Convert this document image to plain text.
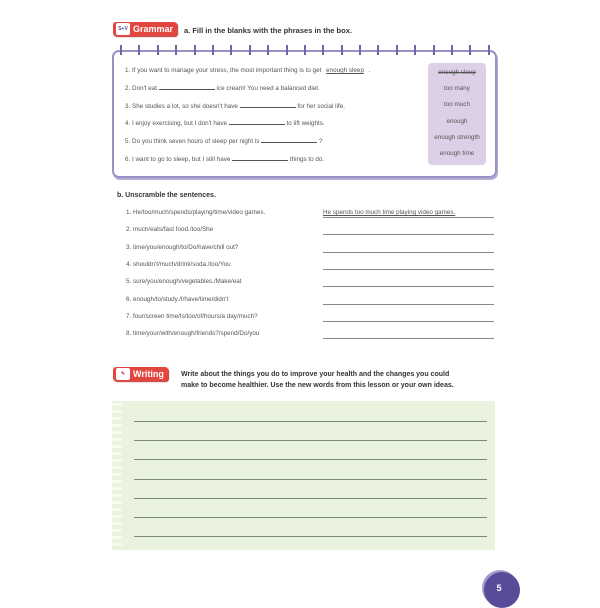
S+V Grammar	a. Fill in the blanks with the phrases in the box.
1. If you want to manage your stress, the most important thing is to get enough sleep .
2. Don't eat	ice cream! You need a balanced diet.
3. She studies a lot, so she doesn't have	for her social life.
4. I enjoy exercising, but I don't have	to lift weights.
5. Do you think seven hours of sleep per night is	?
6. I want to go to sleep, but I still have	things to do.
enough sleep
too many
too much
enough
enough strength
enough time
b. Unscramble the sentences.
1. He/too/much/spends/playing/time/video games.
2. much/eats/fast food./too/She
3. time/you/enough/to/Do/have/chill out?
4. shouldn't/much/drink/soda./too/You
5. sure/you/enough/vegetables./Make/eat
6. enough/to/study./I/have/time/didn't
7. four/screen time/Is/too/of/hours/a day/much?
8. time/your/with/enough/friends?/spend/Do/you
He spends too much time playing video games.
✎ Writing	Write about the things you do to improve your health and the changes you could
make to become healthier. Use the new words from this lesson or your own ideas.
5
